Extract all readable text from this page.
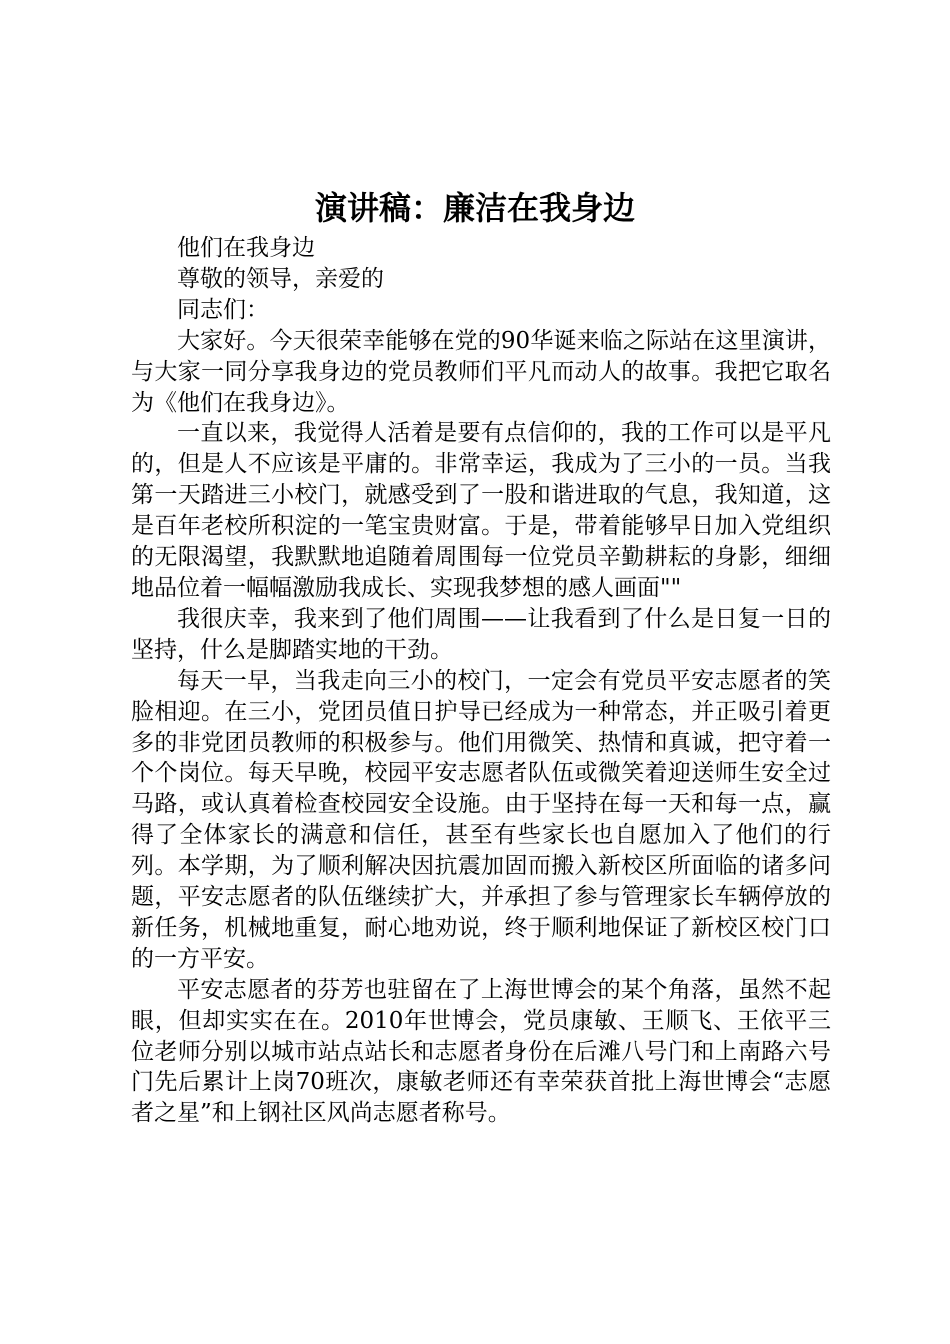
演讲稿：廉洁在我身边

他们在我身边

尊敬的领导，亲爱的

同志们：

大家好。今天很荣幸能够在党的90华诞来临之际站在这里演讲，与大家一同分享我身边的党员教师们平凡而动人的故事。我把它取名为《他们在我身边》。

一直以来，我觉得人活着是要有点信仰的，我的工作可以是平凡的，但是人不应该是平庸的。非常幸运，我成为了三小的一员。当我第一天踏进三小校门，就感受到了一股和谐进取的气息，我知道，这是百年老校所积淀的一笔宝贵财富。于是，带着能够早日加入党组织的无限渴望，我默默地追随着周围每一位党员辛勤耕耘的身影，细细地品位着一幅幅激励我成长、实现我梦想的感人画面""

我很庆幸，我来到了他们周围——让我看到了什么是日复一日的坚持，什么是脚踏实地的干劲。

每天一早，当我走向三小的校门，一定会有党员平安志愿者的笑脸相迎。在三小，党团员值日护导已经成为一种常态，并正吸引着更多的非党团员教师的积极参与。他们用微笑、热情和真诚，把守着一个个岗位。每天早晚，校园平安志愿者队伍或微笑着迎送师生安全过马路，或认真着检查校园安全设施。由于坚持在每一天和每一点，赢得了全体家长的满意和信任，甚至有些家长也自愿加入了他们的行列。本学期，为了顺利解决因抗震加固而搬入新校区所面临的诸多问题，平安志愿者的队伍继续扩大，并承担了参与管理家长车辆停放的新任务，机械地重复，耐心地劝说，终于顺利地保证了新校区校门口的一方平安。

平安志愿者的芬芳也驻留在了上海世博会的某个角落，虽然不起眼，但却实实在在。2010年世博会，党员康敏、王顺飞、王依平三位老师分别以城市站点站长和志愿者身份在后滩八号门和上南路六号门先后累计上岗70班次，康敏老师还有幸荣获首批上海世博会“志愿者之星”和上钢社区风尚志愿者称号。
